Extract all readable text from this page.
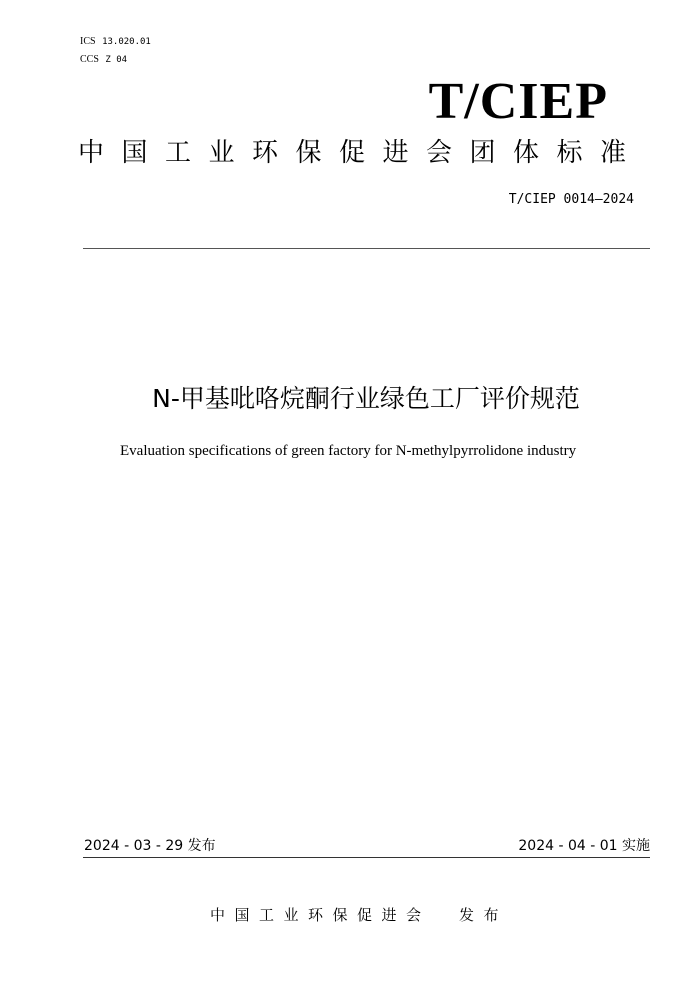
ICS 13.020.01
CCS Z 04
T/CIEP
中国工业环保促进会团体标准
T/CIEP 0014—2024
N-甲基吡咯烷酮行业绿色工厂评价规范
Evaluation specifications of green factory for N-methylpyrrolidone industry
2024 - 03 - 29 发布	2024 - 04 - 01 实施
中国工业环保促进会  发布
